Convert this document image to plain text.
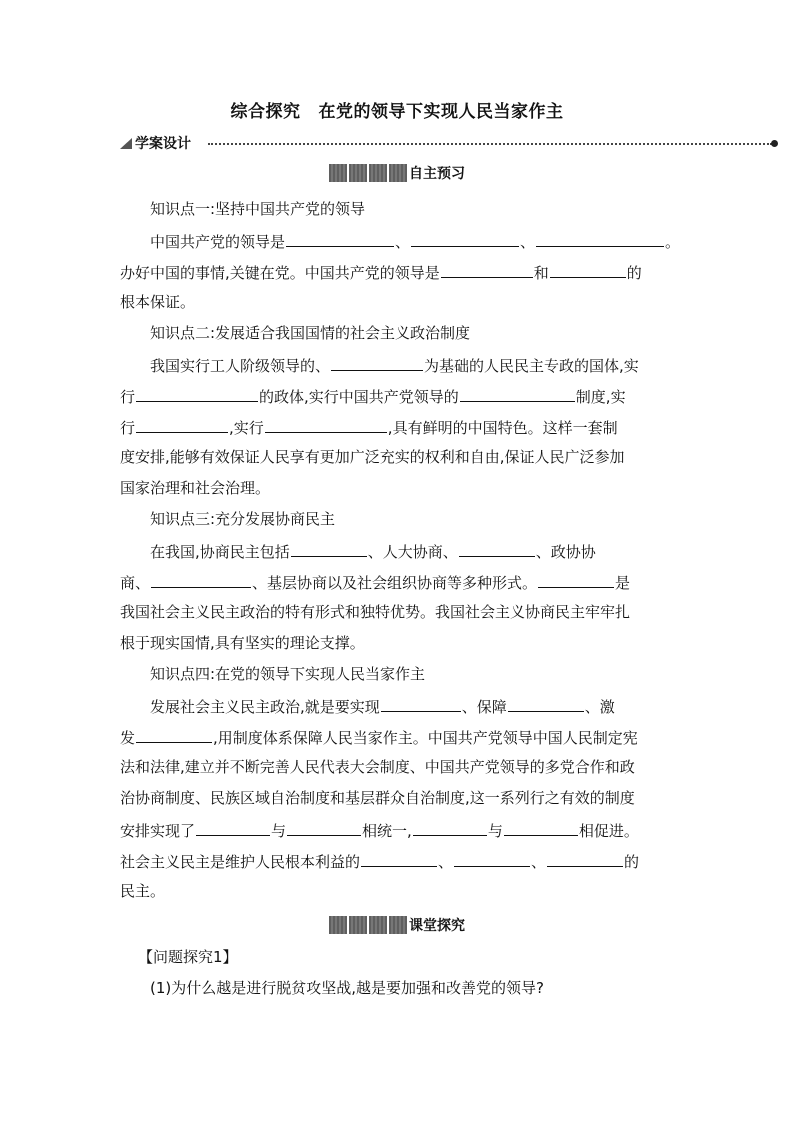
综合探究 在党的领导下实现人民当家作主
学案设计
自主预习
知识点一:坚持中国共产党的领导
中国共产党的领导是	、	、	。
办好中国的事情,关键在党。中国共产党的领导是	和	的
根本保证。
知识点二:发展适合我国国情的社会主义政治制度
我国实行工人阶级领导的、	为基础的人民民主专政的国体,实
行	的政体,实行中国共产党领导的	制度,实
行	,实行	,具有鲜明的中国特色。这样一套制
度安排,能够有效保证人民享有更加广泛充实的权利和自由,保证人民广泛参加
国家治理和社会治理。
知识点三:充分发展协商民主
在我国,协商民主包括	、人大协商、	、政协协
商、	、基层协商以及社会组织协商等多种形式。	是
我国社会主义民主政治的特有形式和独特优势。我国社会主义协商民主牢牢扎
根于现实国情,具有坚实的理论支撑。
知识点四:在党的领导下实现人民当家作主
发展社会主义民主政治,就是要实现	、保障	、激
发	,用制度体系保障人民当家作主。中国共产党领导中国人民制定宪
法和法律,建立并不断完善人民代表大会制度、中国共产党领导的多党合作和政
治协商制度、民族区域自治制度和基层群众自治制度,这一系列行之有效的制度
安排实现了	与	相统一,	与	相促进。
社会主义民主是维护人民根本利益的	、	、	的
民主。
课堂探究
【问题探究1】
(1)为什么越是进行脱贫攻坚战,越是要加强和改善党的领导?
